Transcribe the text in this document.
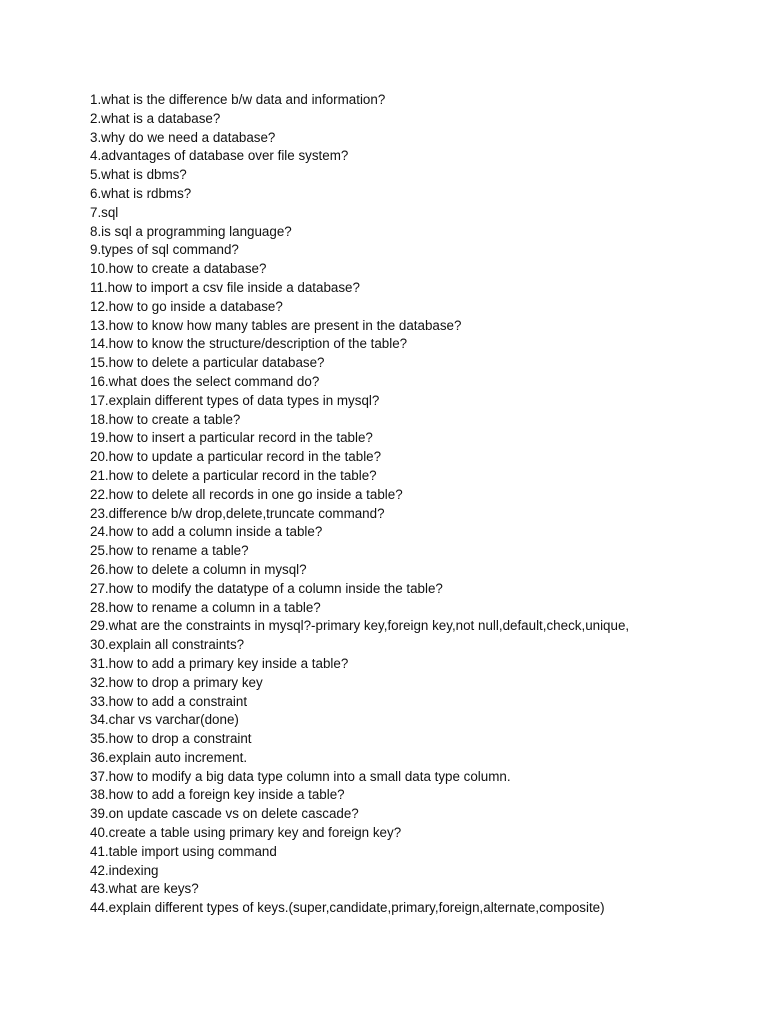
1.what is the difference b/w data and information?
2.what is a database?
3.why do we need a database?
4.advantages of database over file system?
5.what is dbms?
6.what is rdbms?
7.sql
8.is sql a programming language?
9.types of sql command?
10.how to create a database?
11.how to import a csv file inside a database?
12.how to go inside a database?
13.how to know how many tables are present in the database?
14.how to know the structure/description of the table?
15.how to delete a particular database?
16.what does the select command do?
17.explain different types of data types in mysql?
18.how to create a table?
19.how to insert a particular record in the table?
20.how to update a particular record in the table?
21.how to delete a particular record in the table?
22.how to delete all records in one go inside a table?
23.difference b/w drop,delete,truncate command?
24.how to add a column inside a table?
25.how to rename a table?
26.how to delete a column in mysql?
27.how to modify the datatype of a column inside the table?
28.how to rename a column in a table?
29.what are the constraints in mysql?-primary key,foreign key,not null,default,check,unique,
30.explain all constraints?
31.how to add a primary key inside a table?
32.how to drop a primary key
33.how to add a constraint
34.char vs varchar(done)
35.how to drop a constraint
36.explain auto increment.
37.how to modify a big data type column into a small data type column.
38.how to add a foreign key inside a table?
39.on update cascade vs on delete cascade?
40.create a table using primary key and foreign key?
41.table import using command
42.indexing
43.what are keys?
44.explain different types of keys.(super,candidate,primary,foreign,alternate,composite)
